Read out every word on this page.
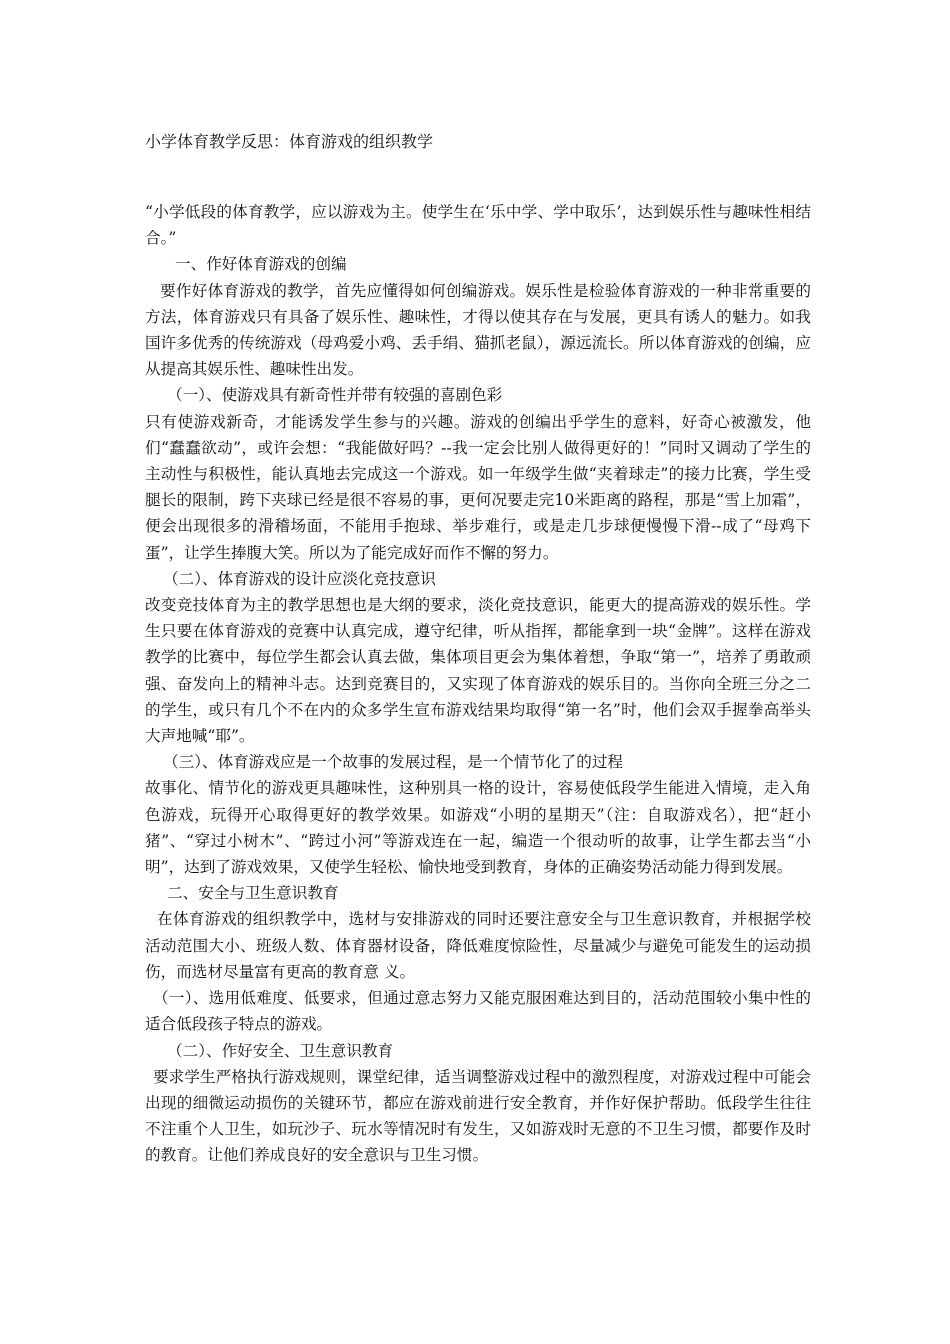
小学体育教学反思：体育游戏的组织教学

“小学低段的体育教学，应以游戏为主。使学生在‘乐中学、学中取乐’，达到娱乐性与趣味性相结合。”

一、作好体育游戏的创编

要作好体育游戏的教学，首先应懂得如何创编游戏。娱乐性是检验体育游戏的一种非常重要的方法，体育游戏只有具备了娱乐性、趣味性，才得以使其存在与发展，更具有诱人的魅力。如我国许多优秀的传统游戏（母鸡爱小鸡、丢手绢、猫抓老鼠），源远流长。所以体育游戏的创编，应从提高其娱乐性、趣味性出发。

（一）、使游戏具有新奇性并带有较强的喜剧色彩

只有使游戏新奇，才能诱发学生参与的兴趣。游戏的创编出乎学生的意料，好奇心被激发，他们“蠢蠢欲动”，或许会想：“我能做好吗？--我一定会比别人做得更好的！”同时又调动了学生的主动性与积极性，能认真地去完成这一个游戏。如一年级学生做“夹着球走”的接力比赛，学生受腿长的限制，跨下夹球已经是很不容易的事，更何况要走完10米距离的路程，那是“雪上加霜”，便会出现很多的滑稽场面，不能用手抱球、举步难行，或是走几步球便慢慢下滑--成了“母鸡下蛋”，让学生捧腹大笑。所以为了能完成好而作不懈的努力。

（二）、体育游戏的设计应淡化竞技意识

改变竞技体育为主的教学思想也是大纲的要求，淡化竞技意识，能更大的提高游戏的娱乐性。学生只要在体育游戏的竞赛中认真完成，遵守纪律，听从指挥，都能拿到一块“金牌”。这样在游戏教学的比赛中，每位学生都会认真去做，集体项目更会为集体着想，争取“第一”，培养了勇敢顽强、奋发向上的精神斗志。达到竞赛目的，又实现了体育游戏的娱乐目的。当你向全班三分之二的学生，或只有几个不在内的众多学生宣布游戏结果均取得“第一名”时，他们会双手握拳高举头大声地喊“耶”。

（三）、体育游戏应是一个故事的发展过程，是一个情节化了的过程

故事化、情节化的游戏更具趣味性，这种别具一格的设计，容易使低段学生能进入情境，走入角色游戏，玩得开心取得更好的教学效果。如游戏“小明的星期天”（注：自取游戏名），把“赶小猪”、“穿过小树木”、“跨过小河”等游戏连在一起，编造一个很动听的故事，让学生都去当“小明”，达到了游戏效果，又使学生轻松、愉快地受到教育，身体的正确姿势活动能力得到发展。

二、安全与卫生意识教育

在体育游戏的组织教学中，选材与安排游戏的同时还要注意安全与卫生意识教育，并根据学校活动范围大小、班级人数、体育器材设备，降低难度惊险性，尽量减少与避免可能发生的运动损伤，而选材尽量富有更高的教育意 义。

（一）、选用低难度、低要求，但通过意志努力又能克服困难达到目的，活动范围较小集中性的适合低段孩子特点的游戏。

（二）、作好安全、卫生意识教育

要求学生严格执行游戏规则，课堂纪律，适当调整游戏过程中的激烈程度，对游戏过程中可能会出现的细微运动损伤的关键环节，都应在游戏前进行安全教育，并作好保护帮助。低段学生往往不注重个人卫生，如玩沙子、玩水等情况时有发生，又如游戏时无意的不卫生习惯，都要作及时的教育。让他们养成良好的安全意识与卫生习惯。
